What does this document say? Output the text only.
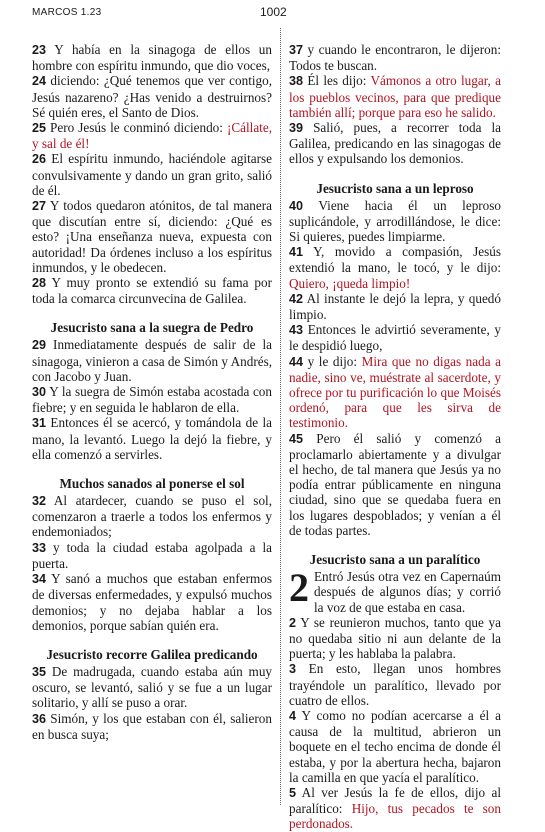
MARCOS 1.23	1002
23 Y había en la sinagoga de ellos un hombre con espíritu inmundo, que dio voces,
24 diciendo: ¿Qué tenemos que ver contigo, Jesús nazareno? ¿Has venido a destruirnos? Sé quién eres, el Santo de Dios.
25 Pero Jesús le conminó diciendo: ¡Cállate, y sal de él!
26 El espíritu inmundo, haciéndole agitarse convulsivamente y dando un gran grito, salió de él.
27 Y todos quedaron atónitos, de tal manera que discutían entre sí, diciendo: ¿Qué es esto? ¡Una enseñanza nueva, expuesta con autoridad! Da órdenes incluso a los espíritus inmundos, y le obedecen.
28 Y muy pronto se extendió su fama por toda la comarca circunvecina de Galilea.
Jesucristo sana a la suegra de Pedro
29 Inmediatamente después de salir de la sinagoga, vinieron a casa de Simón y Andrés, con Jacobo y Juan.
30 Y la suegra de Simón estaba acostada con fiebre; y en seguida le hablaron de ella.
31 Entonces él se acercó, y tomándola de la mano, la levantó. Luego la dejó la fiebre, y ella comenzó a servirles.
Muchos sanados al ponerse el sol
32 Al atardecer, cuando se puso el sol, comenzaron a traerle a todos los enfermos y endemoniados;
33 y toda la ciudad estaba agolpada a la puerta.
34 Y sanó a muchos que estaban enfermos de diversas enfermedades, y expulsó muchos demonios; y no dejaba hablar a los demonios, porque sabían quién era.
Jesucristo recorre Galilea predicando
35 De madrugada, cuando estaba aún muy oscuro, se levantó, salió y se fue a un lugar solitario, y allí se puso a orar.
36 Simón, y los que estaban con él, salieron en busca suya;
37 y cuando le encontraron, le dijeron: Todos te buscan.
38 Él les dijo: Vámonos a otro lugar, a los pueblos vecinos, para que predique también allí; porque para eso he salido.
39 Salió, pues, a recorrer toda la Galilea, predicando en las sinagogas de ellos y expulsando los demonios.
Jesucristo sana a un leproso
40 Viene hacia él un leproso suplicándole, y arrodillándose, le dice: Si quieres, puedes limpiarme.
41 Y, movido a compasión, Jesús extendió la mano, le tocó, y le dijo: Quiero, ¡queda limpio!
42 Al instante le dejó la lepra, y quedó limpio.
43 Entonces le advirtió severamente, y le despidió luego,
44 y le dijo: Mira que no digas nada a nadie, sino ve, muéstrate al sacerdote, y ofrece por tu purificación lo que Moisés ordenó, para que les sirva de testimonio.
45 Pero él salió y comenzó a proclamarlo abiertamente y a divulgar el hecho, de tal manera que Jesús ya no podía entrar públicamente en ninguna ciudad, sino que se quedaba fuera en los lugares despoblados; y venían a él de todas partes.
Jesucristo sana a un paralítico
2 Entró Jesús otra vez en Capernaúm después de algunos días; y corrió la voz de que estaba en casa.
2 Y se reunieron muchos, tanto que ya no quedaba sitio ni aun delante de la puerta; y les hablaba la palabra.
3 En esto, llegan unos hombres trayéndole un paralítico, llevado por cuatro de ellos.
4 Y como no podían acercarse a él a causa de la multitud, abrieron un boquete en el techo encima de donde él estaba, y por la abertura hecha, bajaron la camilla en que yacía el paralítico.
5 Al ver Jesús la fe de ellos, dijo al paralítico: Hijo, tus pecados te son perdonados.
